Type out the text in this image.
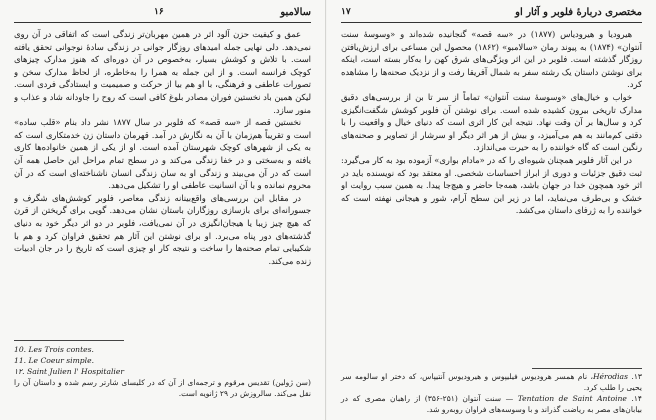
سالامبو
۱۶

عمق و کیفیت حزن آلود اثر در همین مهربان‌تر زندگی است که اتفاقی در آن روی نمی‌دهد. دلی نهایی جمله امیدهای روزگار جوانی در زندگی سادهٔ نوجوانی تحقق یافته است. با تلاش و کوشش بسیار، به‌خصوص در آن دوره‌ای که هنوز مدارک چیزهای کوچک فرانسه است. و از این جمله به همرا را به‌خاطره، از لحاظ مدارک سخن و تصورات عاطفی و فرهنگی، با او هم بیا از حرکت و صمیمیت و ایستادگی فردی است. لیکن همین باد نخستین فوران مصادر بلوغ کافی است که روح را جاودانه شاد و عذاب و منور سازد.

نخستین قصه از «سه قصه» که فلوبر در سال ۱۸۷۷ نشر داد بنام «قلب ساده» است و تقریباً هم‌زمان با آن به نگارش در آمد. قهرمان داستان زن خدمتکاری است که به یکی از شهرهای کوچک شهرستان آمده است. او از یکی از همین خانواده‌ها کاری یافته و به‌سختی و در خفا زندگی می‌کند و در سطح تمام مراحل این حاصل همه آن است که در آن می‌بیند و زندگی او به سان زندگی انسان ناشناخته‌ای است که در آن محروم نمانده و با آن انسانیت عاطفی او را تشکیل می‌دهد.

در مقابل این بررسی‌های واقع‌بینانه زندگی معاصر، فلوبر کوشش‌های شگرف و جسورانه‌ای برای بازسازی روزگاران باستان نشان می‌دهد. گویی برای گریختن از قرن که هیچ چیز زیبا یا هیجان‌انگیزی در آن نمی‌یافت، فلوبر در دو اثر دیگر خود به دنیای گذشته‌های دور پناه می‌برد. او برای نوشتن این آثار هم تحقیق فراوان کرد و هم با شکیبایی تمام صحنه‌ها را ساخت و نتیجه کار او چیزی است که تاریخ را در جان ادبیات زنده می‌کند.

10. Les Trois contes.
11. Le Coeur simple.
۱۲. Saint Julien l' Hospitalier
(سن ژولین) تقدیس مرقوم و ترجمه‌ای از آن که در کلیسای شارتر رسم شده و داستان آن را نقل می‌کند. سالروزش در ۲۹ ژانویه است.
مختصری دربارهٔ فلوبر و آثار او
۱۷

هیرودیا و هیرودیاس (۱۸۷۷) در «سه قصه» گنجانیده شده‌اند و «وسوسهٔ سنت آنتوان» (۱۸۷۴) به پیوند رمان «سالامبو» (۱۸۶۲) محصول این مساعی برای ارزش‌یافتن روزگار گذشته است. فلوبر در این اثر ویژگی‌های شرق کهن را به‌کار بسته است، اینکه برای نوشتن داستان یک رشته سفر به شمال آفریقا رفت و از نزدیک صحنه‌ها را مشاهده کرد.

خواب و خیال‌های «وسوسهٔ سنت آنتوان» تماماً از سر تا بن از بررسی‌های دقیق مدارک تاریخی بیرون کشیده شده است. برای نوشتن آن فلوبر کوشش شگفت‌انگیزی کرد و سال‌ها بر آن وقت نهاد. نتیجه این کار اثری است که دنیای خیال و واقعیت را با دقتی کم‌مانند به هم می‌آمیزد، و بیش از هر اثر دیگر او سرشار از تصاویر و صحنه‌های رنگین است که گاه خواننده را به حیرت می‌اندازد.

در این آثار فلوبر همچنان شیوه‌ای را که در «مادام بواری» آزموده بود به کار می‌گیرد: ثبت دقیق جزئیات و دوری از ابراز احساسات شخصی. او معتقد بود که نویسنده باید در اثر خود همچون خدا در جهان باشد، همه‌جا حاضر و هیچ‌جا پیدا. به همین سبب روایت او خشک و بی‌طرف می‌نماید، اما در زیر این سطح آرام، شور و هیجانی نهفته است که خواننده را به ژرفای داستان می‌کشد.

۱۳. Hérodias، نام همسر هرودیوس فیلیپوس و هیرودیوس آنتیپاس، که دختر او سالومه سر یحیی را طلب کرد.
۱۴. Tentation de Saint Antoine — سنت آنتوان (۲۵۱-۳۵۶) از راهبان مصری که در بیابان‌های مصر به ریاضت گذراند و با وسوسه‌های فراوان روبه‌رو شد.
